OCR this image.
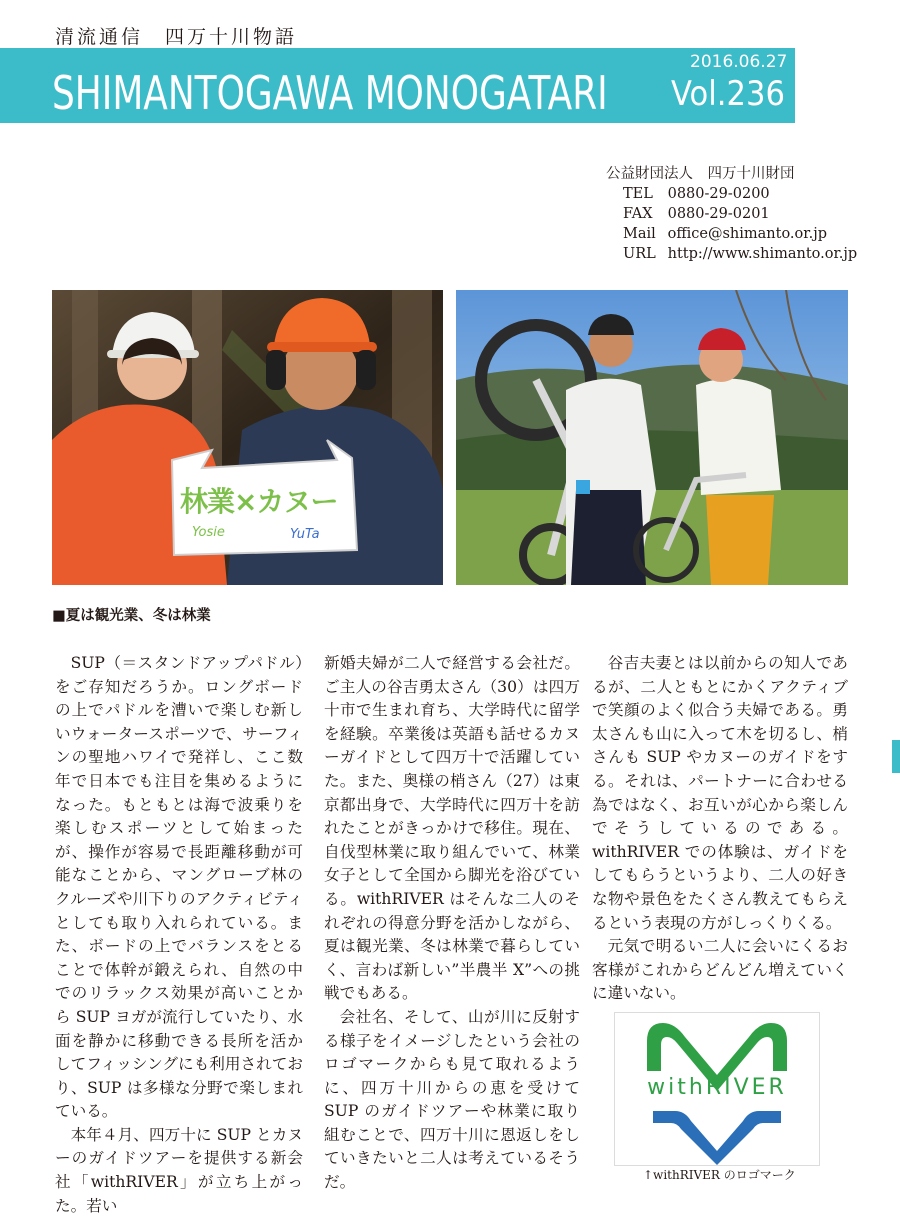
清流通信　四万十川物語
SHIMANTOGAWA MONOGATARI
2016.06.27
Vol.236
公益財団法人　四万十川財団
TEL 0880-29-0200
FAX 0880-29-0201
Mail office@shimanto.or.jp
URL http://www.shimanto.or.jp
林業×カヌー
Yosie	YuTa
■夏は観光業、冬は林業

SUP（＝スタンドアップパドル）をご存知だろうか。ロングボードの上でパドルを漕いで楽しむ新しいウォータースポーツで、サーフィンの聖地ハワイで発祥し、ここ数年で日本でも注目を集めるようになった。もともとは海で波乗りを楽しむスポーツとして始まったが、操作が容易で長距離移動が可能なことから、マングローブ林のクルーズや川下りのアクティビティとしても取り入れられている。また、ボードの上でバランスをとることで体幹が鍛えられ、自然の中でのリラックス効果が高いことから SUP ヨガが流行していたり、水面を静かに移動できる長所を活かしてフィッシングにも利用されており、SUP は多様な分野で楽しまれている。

本年４月、四万十に SUP とカヌーのガイドツアーを提供する新会社「withRIVER」が立ち上がった。若い

新婚夫婦が二人で経営する会社だ。ご主人の谷吉勇太さん（30）は四万十市で生まれ育ち、大学時代に留学を経験。卒業後は英語も話せるカヌーガイドとして四万十で活躍していた。また、奥様の梢さん（27）は東京都出身で、大学時代に四万十を訪れたことがきっかけで移住。現在、自伐型林業に取り組んでいて、林業女子として全国から脚光を浴びている。withRIVER はそんな二人のそれぞれの得意分野を活かしながら、夏は観光業、冬は林業で暮らしていく、言わば新しい”半農半 X”への挑戦でもある。

会社名、そして、山が川に反射する様子をイメージしたという会社のロゴマークからも見て取れるように、四万十川からの恵を受けて SUP のガイドツアーや林業に取り組むことで、四万十川に恩返しをしていきたいと二人は考えているそうだ。

谷吉夫妻とは以前からの知人であるが、二人ともとにかくアクティブで笑顔のよく似合う夫婦である。勇太さんも山に入って木を切るし、梢さんも SUP やカヌーのガイドをする。それは、パートナーに合わせる為ではなく、お互いが心から楽しんでそうしているのである。withRIVER での体験は、ガイドをしてもらうというより、二人の好きな物や景色をたくさん教えてもらえるという表現の方がしっくりくる。

元気で明るい二人に会いにくるお客様がこれからどんどん増えていくに違いない。

withRIVER
↑withRIVER のロゴマーク
